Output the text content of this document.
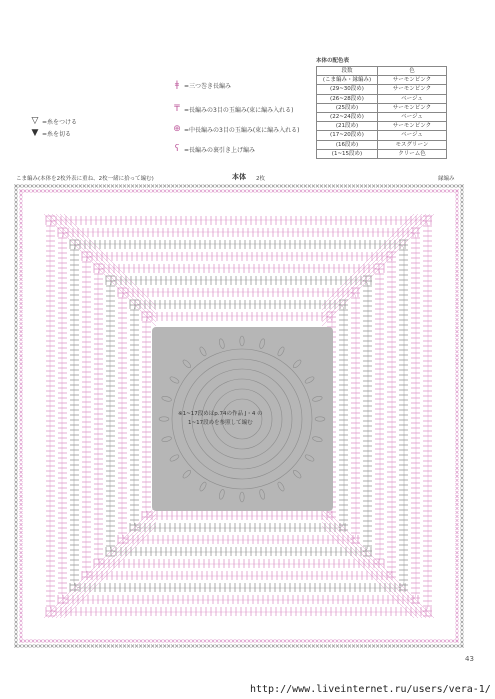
▽ =糸をつける
▼ =糸を切る
ǂ =三つ巻き長編み
₸ =長編みの3目の玉編み(束に編み入れる)
⊕ =中長編みの3目の玉編み(束に編み入れる)
ʕ =長編みの裏引き上げ編み
本体の配色表
段数	色
(こま編み・縁編み)	サーモンピンク
(29~30段め)	サーモンピンク
(26~28段め)	ベージュ
(25段め)	サーモンピンク
(22~24段め)	ベージュ
(21段め)	サーモンピンク
(17~20段め)	ベージュ
(16段め)	モスグリーン
(1~15段め)	クリーム色
こま編み(本体を2枚外表に重ね、2枚一緒に拾って編む)	本体 2枚	縁編み
※1~17段めはp.74の作品 J・4 の
1~17段めを参照して編む
43
http://www.liveinternet.ru/users/vera-1/
